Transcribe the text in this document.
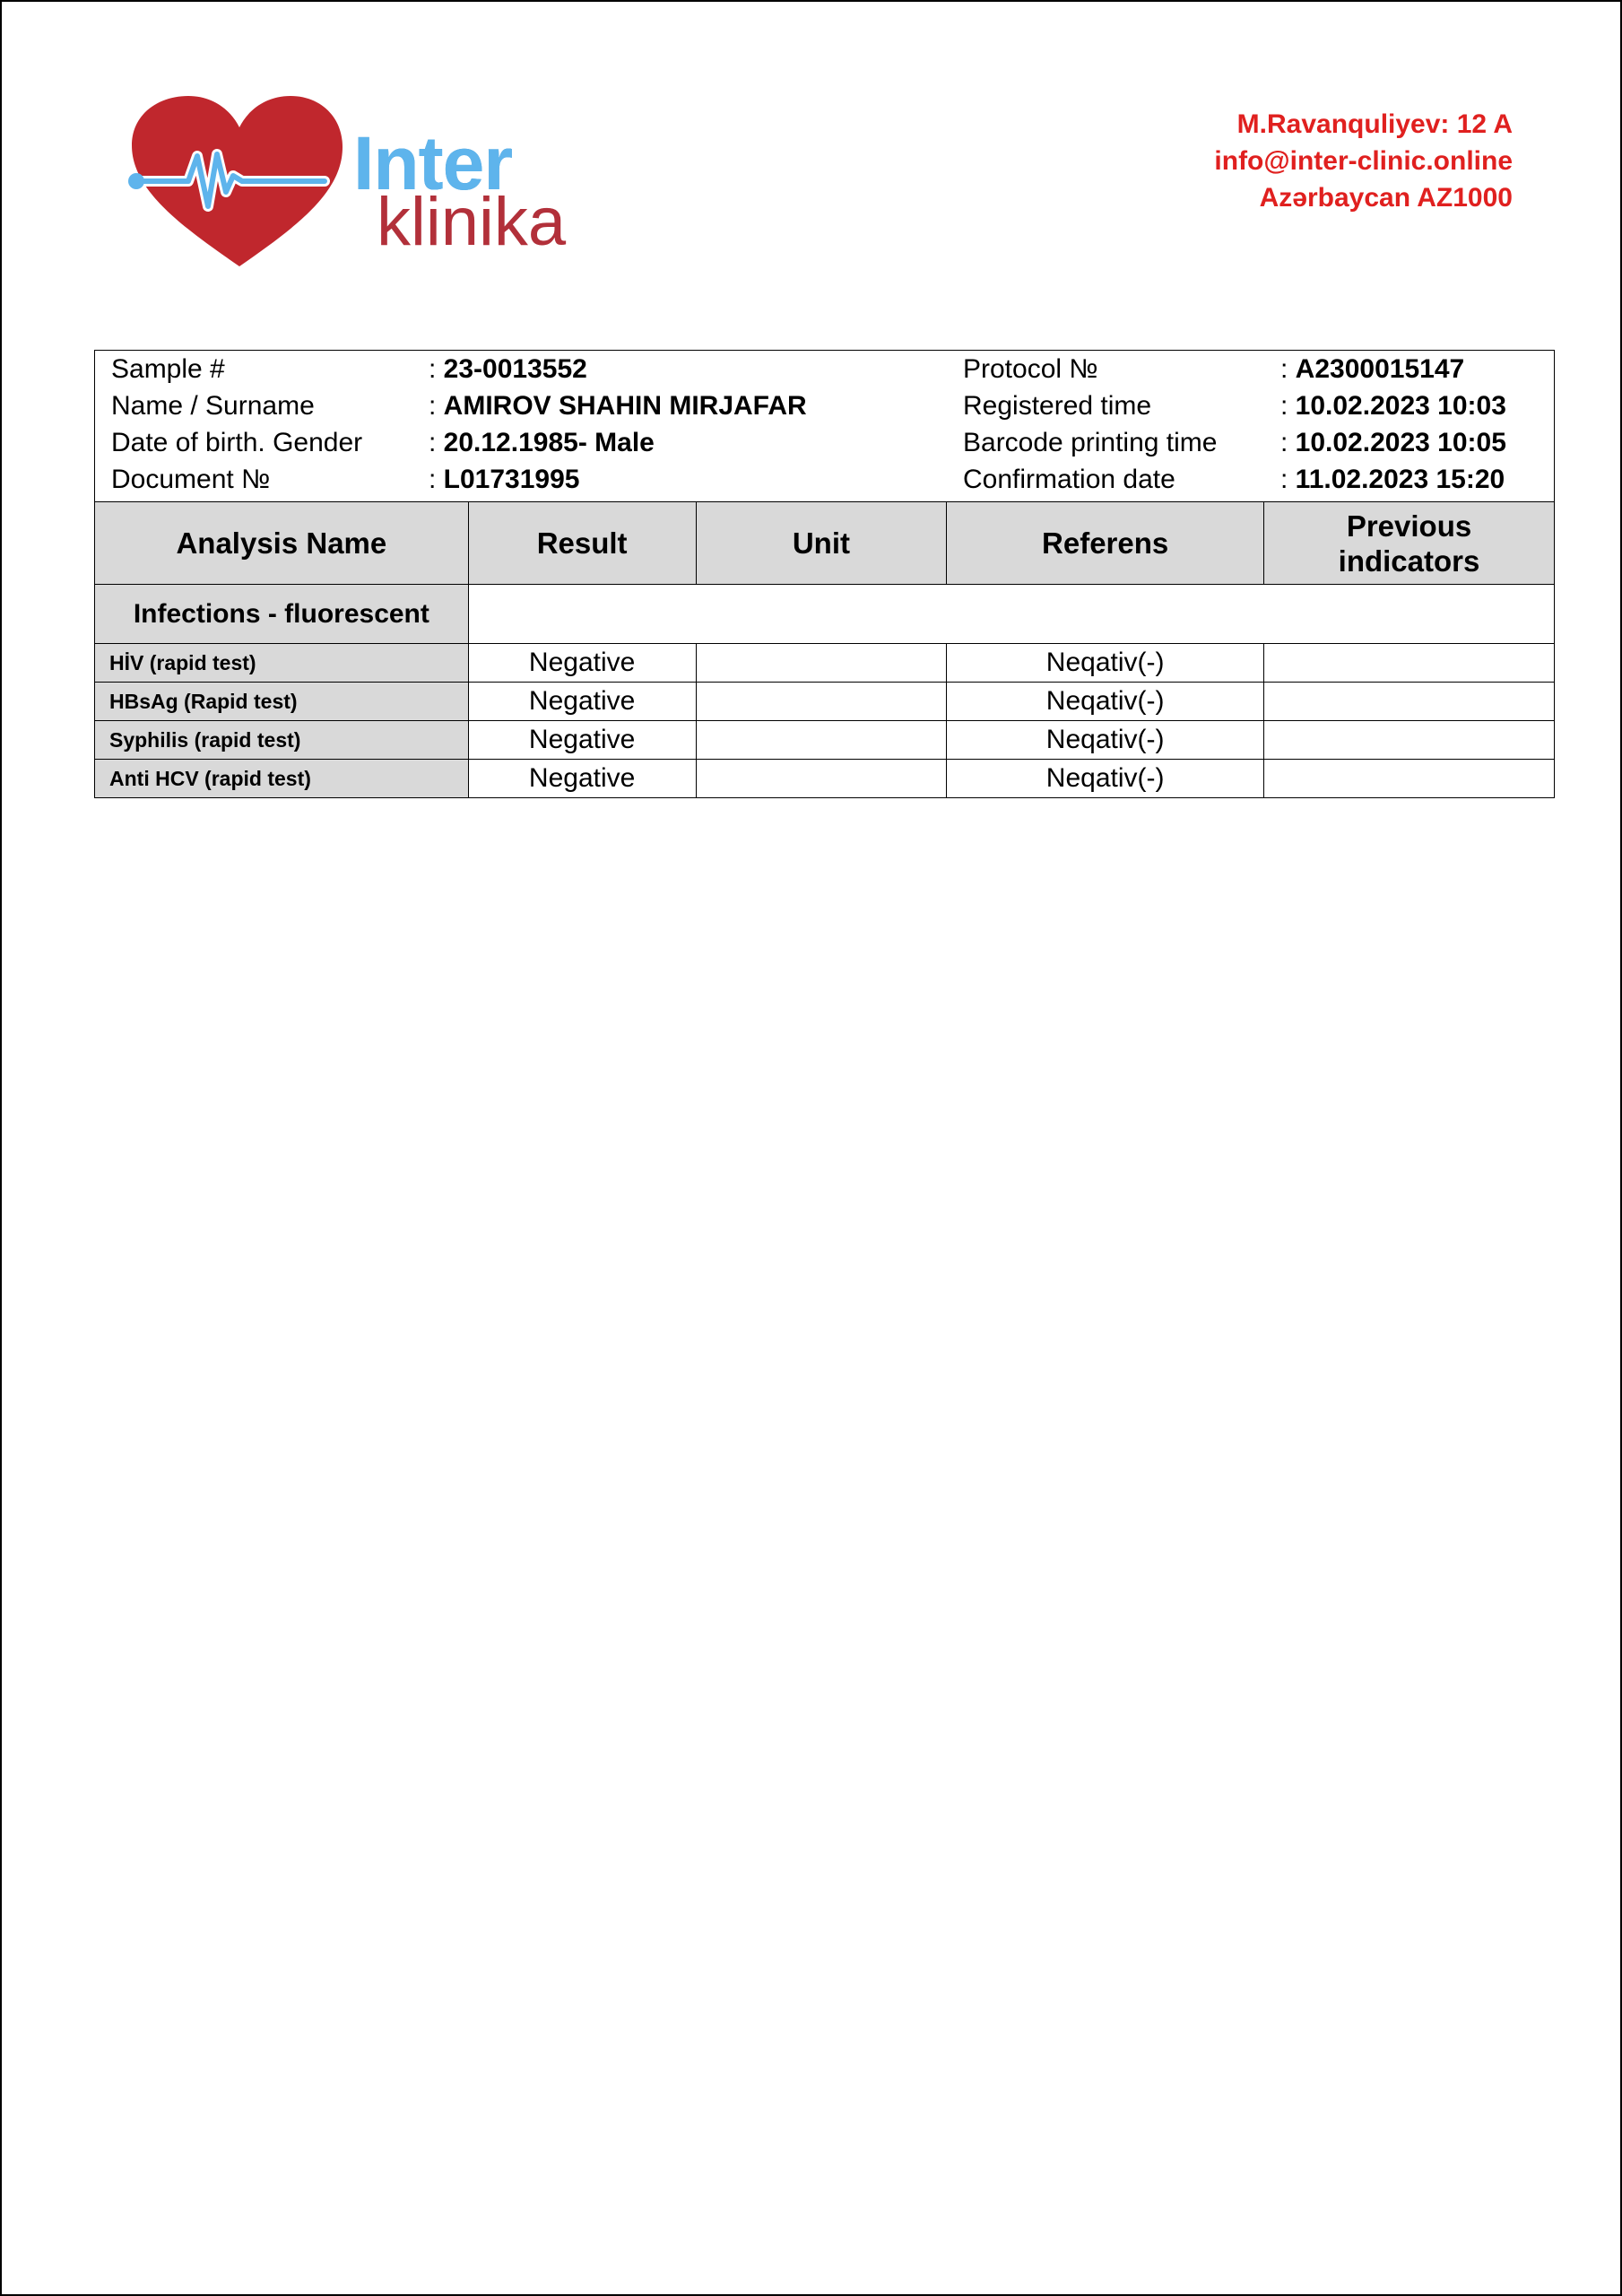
Inter
klinika
M.Ravanquliyev: 12 A
info@inter-clinic.online
Azərbaycan AZ1000
Sample #	: 23-0013552	Protocol №	: A2300015147
Name / Surname	: AMIROV SHAHIN MIRJAFAR	Registered time	: 10.02.2023 10:03
Date of birth. Gender : 20.12.1985- Male	Barcode printing time : 10.02.2023 10:05
Document №	: L01731995	Confirmation date	: 11.02.2023 15:20
Analysis Name	Result	Unit	Referens	Previous indicators
Infections - fluorescent				
HİV (rapid test)	Negative		Neqativ(-)	
HBsAg (Rapid test)	Negative		Neqativ(-)	
Syphilis (rapid test)	Negative		Neqativ(-)	
Anti HCV (rapid test)	Negative		Neqativ(-)	
